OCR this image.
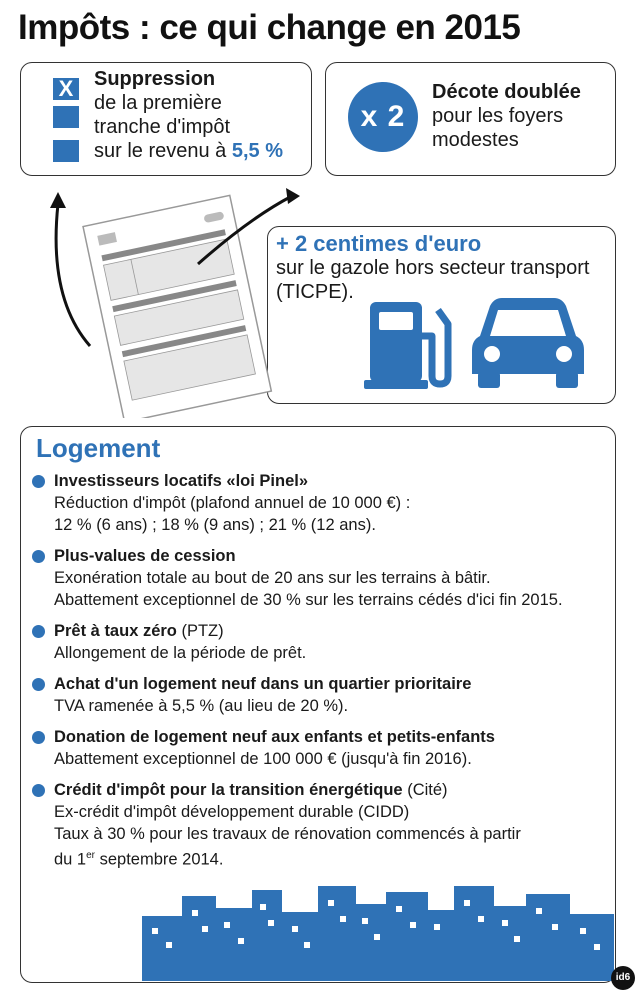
Impôts : ce qui change en 2015
X Suppression
de la première
tranche d'impôt
sur le revenu à 5,5 %
x 2
Décote doublée
pour les foyers
modestes
+ 2 centimes d'euro
sur le gazole hors secteur transport
(TICPE).
Logement
Investisseurs locatifs «loi Pinel»
Réduction d'impôt (plafond annuel de 10 000 €) :
12 % (6 ans) ; 18 % (9 ans) ; 21 % (12 ans).
Plus-values de cession
Exonération totale au bout de 20 ans sur les terrains à bâtir.
Abattement exceptionnel de 30 % sur les terrains cédés d'ici fin 2015.
Prêt à taux zéro (PTZ)
Allongement de la période de prêt.
Achat d'un logement neuf dans un quartier prioritaire
TVA ramenée à 5,5 % (au lieu de 20 %).
Donation de logement neuf aux enfants et petits-enfants
Abattement exceptionnel de 100 000 € (jusqu'à fin 2016).
Crédit d'impôt pour la transition énergétique (Cité)
Ex-crédit d'impôt développement durable (CIDD)
Taux à 30 % pour les travaux de rénovation commencés à partir
du 1er septembre 2014.
id6
